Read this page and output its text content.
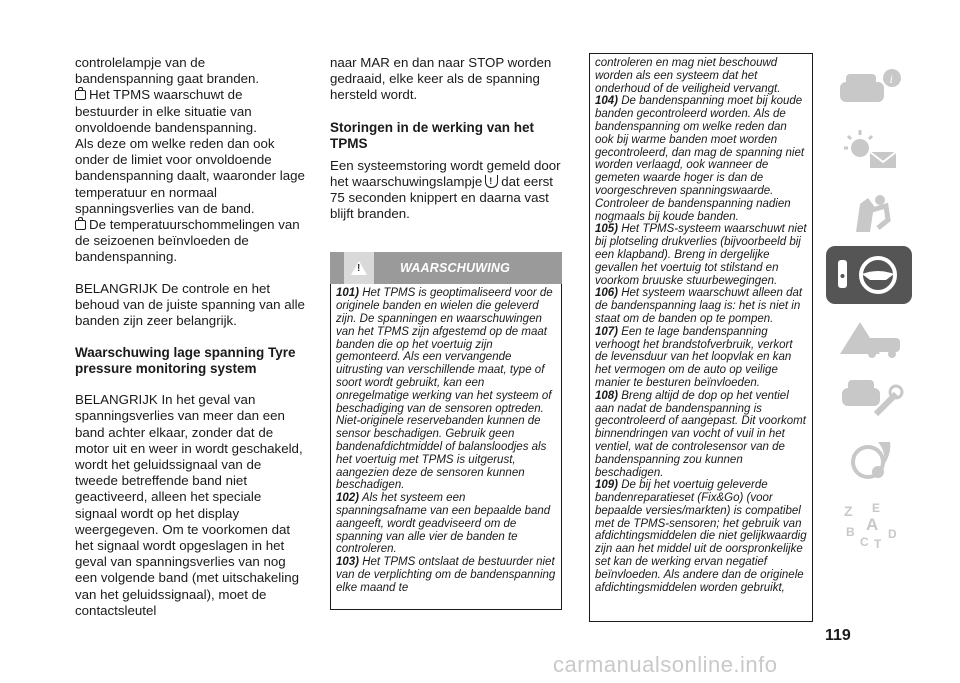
controlelampje van de bandenspanning gaat branden.

Het TPMS waarschuwt de bestuurder in elke situatie van onvoldoende bandenspanning.

Als deze om welke reden dan ook onder de limiet voor onvoldoende bandenspanning daalt, waaronder lage temperatuur en normaal spanningsverlies van de band.

De temperatuurschommelingen van de seizoenen beïnvloeden de bandenspanning.

BELANGRIJK De controle en het behoud van de juiste spanning van alle banden zijn zeer belangrijk.

Waarschuwing lage spanning Tyre pressure monitoring system

BELANGRIJK In het geval van spanningsverlies van meer dan een band achter elkaar, zonder dat de motor uit en weer in wordt geschakeld, wordt het geluidssignaal van de tweede betreffende band niet geactiveerd, alleen het speciale signaal wordt op het display weergegeven. Om te voorkomen dat het signaal wordt opgeslagen in het geval van spanningsverlies van nog een volgende band (met uitschakeling van het geluidssignaal), moet de contactsleutel

naar MAR en dan naar STOP worden gedraaid, elke keer als de spanning hersteld wordt.

Storingen in de werking van het TPMS

Een systeemstoring wordt gemeld door het waarschuwingslampje! dat eerst 75 seconden knippert en daarna vast blijft branden.

!
WAARSCHUWING

101) Het TPMS is geoptimaliseerd voor de originele banden en wielen die geleverd zijn. De spanningen en waarschuwingen van het TPMS zijn afgestemd op de maat banden die op het voertuig zijn gemonteerd. Als een vervangende uitrusting van verschillende maat, type of soort wordt gebruikt, kan een onregelmatige werking van het systeem of beschadiging van de sensoren optreden. Niet-originele reservebanden kunnen de sensor beschadigen. Gebruik geen bandenafdichtmiddel of balansloodjes als het voertuig met TPMS is uitgerust, aangezien deze de sensoren kunnen beschadigen.

102) Als het systeem een spanningsafname van een bepaalde band aangeeft, wordt geadviseerd om de spanning van alle vier de banden te controleren.

103) Het TPMS ontslaat de bestuurder niet van de verplichting om de bandenspanning elke maand te

controleren en mag niet beschouwd worden als een systeem dat het onderhoud of de veiligheid vervangt.

104) De bandenspanning moet bij koude banden gecontroleerd worden. Als de bandenspanning om welke reden dan ook bij warme banden moet worden gecontroleerd, dan mag de spanning niet worden verlaagd, ook wanneer de gemeten waarde hoger is dan de voorgeschreven spanningswaarde. Controleer de bandenspanning nadien nogmaals bij koude banden.

105) Het TPMS-systeem waarschuwt niet bij plotseling drukverlies (bijvoorbeeld bij een klapband). Breng in dergelijke gevallen het voertuig tot stilstand en voorkom bruuske stuurbewegingen.

106) Het systeem waarschuwt alleen dat de bandenspanning laag is: het is niet in staat om de banden op te pompen.

107) Een te lage bandenspanning verhoogt het brandstofverbruik, verkort de levensduur van het loopvlak en kan het vermogen om de auto op veilige manier te besturen beïnvloeden.

108) Breng altijd de dop op het ventiel aan nadat de bandenspanning is gecontroleerd of aangepast. Dit voorkomt binnendringen van vocht of vuil in het ventiel, wat de controlesensor van de bandenspanning zou kunnen beschadigen.

109) De bij het voertuig geleverde bandenreparatieset (Fix&Go) (voor bepaalde versies/markten) is compatibel met de TPMS-sensoren; het gebruik van afdichtingsmiddelen die niet gelijkwaardig zijn aan het middel uit de oorspronkelijke set kan de werking ervan negatief beïnvloeden. Als andere dan de originele afdichtingsmiddelen worden gebruikt,

i
Z E
B A
C T
D
119
carmanualsonline.info
